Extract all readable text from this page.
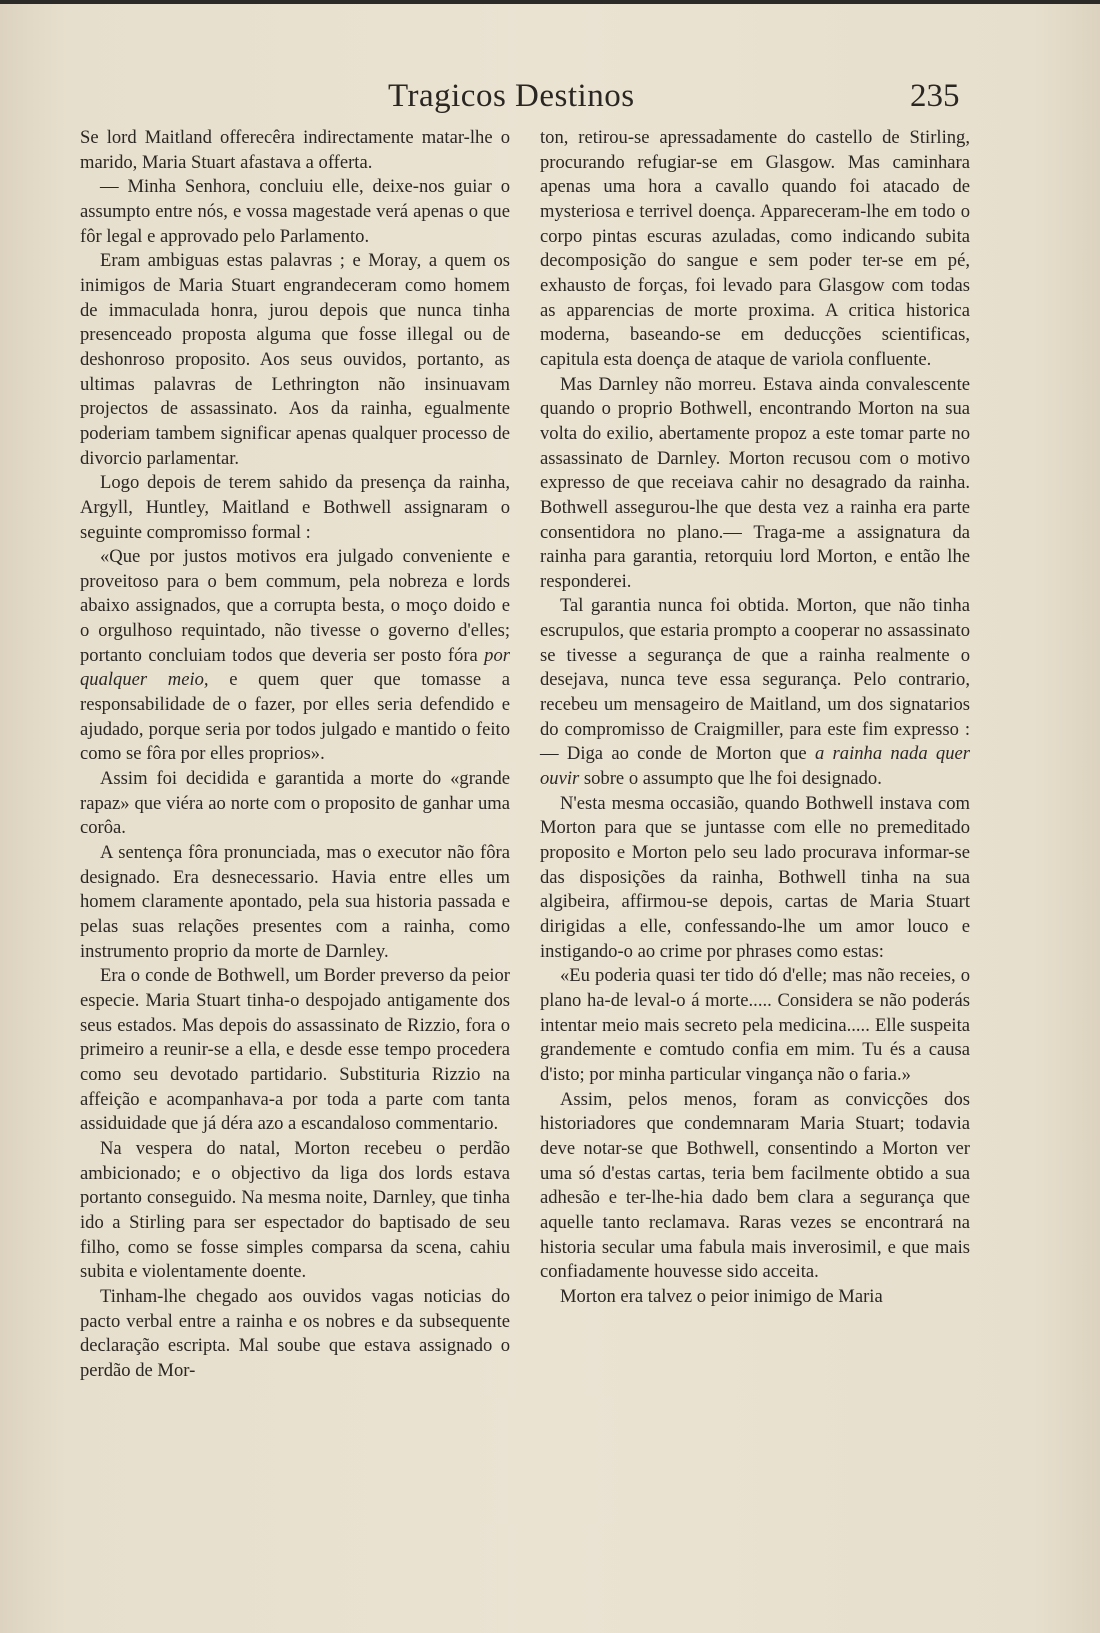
Tragicos Destinos	235

Se lord Maitland offerecêra indirectamente matar-lhe o marido, Maria Stuart afastava a offerta.

— Minha Senhora, concluiu elle, deixe-nos guiar o assumpto entre nós, e vossa magestade verá apenas o que fôr legal e approvado pelo Parlamento.

Eram ambiguas estas palavras ; e Moray, a quem os inimigos de Maria Stuart engrandeceram como homem de immaculada honra, jurou depois que nunca tinha presenceado proposta alguma que fosse illegal ou de deshonroso proposito. Aos seus ouvidos, portanto, as ultimas palavras de Lethrington não insinuavam projectos de assassinato. Aos da rainha, egualmente poderiam tambem significar apenas qualquer processo de divorcio parlamentar.

Logo depois de terem sahido da presença da rainha, Argyll, Huntley, Maitland e Bothwell assignaram o seguinte compromisso formal :

«Que por justos motivos era julgado conveniente e proveitoso para o bem commum, pela nobreza e lords abaixo assignados, que a corrupta besta, o moço doido e o orgulhoso requintado, não tivesse o governo d'elles; portanto concluiam todos que deveria ser posto fóra por qualquer meio, e quem quer que tomasse a responsabilidade de o fazer, por elles seria defendido e ajudado, porque seria por todos julgado e mantido o feito como se fôra por elles proprios».

Assim foi decidida e garantida a morte do «grande rapaz» que viéra ao norte com o proposito de ganhar uma corôa.

A sentença fôra pronunciada, mas o executor não fôra designado. Era desnecessario. Havia entre elles um homem claramente apontado, pela sua historia passada e pelas suas relações presentes com a rainha, como instrumento proprio da morte de Darnley.

Era o conde de Bothwell, um Border preverso da peior especie. Maria Stuart tinha-o despojado antigamente dos seus estados. Mas depois do assassinato de Rizzio, fora o primeiro a reunir-se a ella, e desde esse tempo procedera como seu devotado partidario. Substituria Rizzio na affeição e acompanhava-a por toda a parte com tanta assiduidade que já déra azo a escandaloso commentario.

Na vespera do natal, Morton recebeu o perdão ambicionado; e o objectivo da liga dos lords estava portanto conseguido. Na mesma noite, Darnley, que tinha ido a Stirling para ser espectador do baptisado de seu filho, como se fosse simples comparsa da scena, cahiu subita e violentamente doente.

Tinham-lhe chegado aos ouvidos vagas noticias do pacto verbal entre a rainha e os nobres e da subsequente declaração escripta. Mal soube que estava assignado o perdão de Mor-

ton, retirou-se apressadamente do castello de Stirling, procurando refugiar-se em Glasgow. Mas caminhara apenas uma hora a cavallo quando foi atacado de mysteriosa e terrivel doença. Appareceram-lhe em todo o corpo pintas escuras azuladas, como indicando subita decomposição do sangue e sem poder ter-se em pé, exhausto de forças, foi levado para Glasgow com todas as apparencias de morte proxima. A critica historica moderna, baseando-se em deducções scientificas, capitula esta doença de ataque de variola confluente.

Mas Darnley não morreu. Estava ainda convalescente quando o proprio Bothwell, encontrando Morton na sua volta do exilio, abertamente propoz a este tomar parte no assassinato de Darnley. Morton recusou com o motivo expresso de que receiava cahir no desagrado da rainha. Bothwell assegurou-lhe que desta vez a rainha era parte consentidora no plano.— Traga-me a assignatura da rainha para garantia, retorquiu lord Morton, e então lhe responderei.

Tal garantia nunca foi obtida. Morton, que não tinha escrupulos, que estaria prompto a cooperar no assassinato se tivesse a segurança de que a rainha realmente o desejava, nunca teve essa segurança. Pelo contrario, recebeu um mensageiro de Maitland, um dos signatarios do compromisso de Craigmiller, para este fim expresso : — Diga ao conde de Morton que a rainha nada quer ouvir sobre o assumpto que lhe foi designado.

N'esta mesma occasião, quando Bothwell instava com Morton para que se juntasse com elle no premeditado proposito e Morton pelo seu lado procurava informar-se das disposições da rainha, Bothwell tinha na sua algibeira, affirmou-se depois, cartas de Maria Stuart dirigidas a elle, confessando-lhe um amor louco e instigando-o ao crime por phrases como estas:

«Eu poderia quasi ter tido dó d'elle; mas não receies, o plano ha-de leval-o á morte..... Considera se não poderás intentar meio mais secreto pela medicina..... Elle suspeita grandemente e comtudo confia em mim. Tu és a causa d'isto; por minha particular vingança não o faria.»

Assim, pelos menos, foram as convicções dos historiadores que condemnaram Maria Stuart; todavia deve notar-se que Bothwell, consentindo a Morton ver uma só d'estas cartas, teria bem facilmente obtido a sua adhesão e ter-lhe-hia dado bem clara a segurança que aquelle tanto reclamava. Raras vezes se encontrará na historia secular uma fabula mais inverosimil, e que mais confiadamente houvesse sido acceita.

Morton era talvez o peior inimigo de Maria
